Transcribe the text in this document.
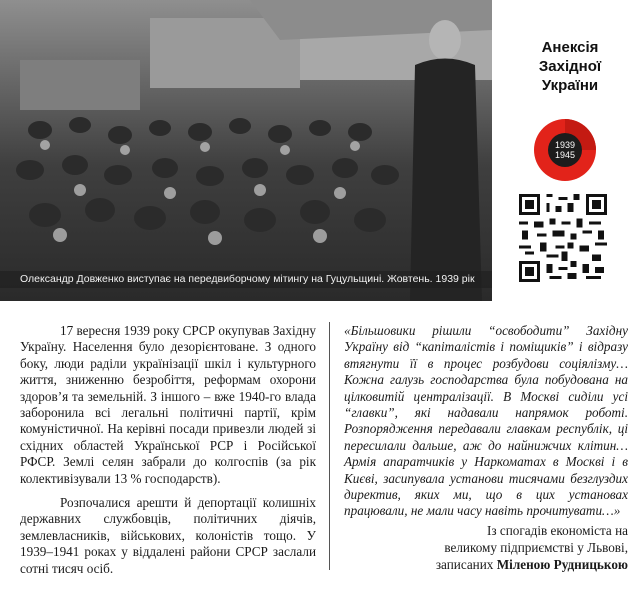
Олександр Довженко виступає на передвиборчому мітингу на Гуцульщині. Жовтень. 1939 рік
Анексія
Західної
України
1939
1945

17 вересня 1939 року СРСР окупував Західну Україну. Населення було дезорієнтоване. З одного боку, люди раділи українізації шкіл і культурного життя, зниженню безробіття, реформам охорони здоров’я та земельній. З іншого – вже 1940-го влада заборонила всі легальні політичні партії, крім комуністичної. На керівні посади привезли людей зі східних областей Української РСР і Російської РФСР. Землі селян забрали до колгоспів (за рік колективізували 13 % господарств).

Розпочалися арешти й депортації колишніх державних службовців, політичних діячів, землевласників, військових, колоністів тощо. У 1939–1941 роках у віддалені райони СРСР заслали сотні тисяч осіб.

«Більшовики рішили “освободити” Західну Україну від “капіталістів і поміщиків” і відразу втягнути її в процес розбудови соціялізму… Кожна галузь господарства була побудована на цілковитій централізації. В Москві сиділи усі “главки”, які надавали напрямок роботі. Розпорядження передавали главкам республік, ці пересилали дальше, аж до найнижчих клітин… Армія апаратчиків у Наркоматах в Москві і в Києві, засипувала установи тисячами безглуздих директив, яких ми, що в цих установах працювали, не мали часу навіть прочитувати…»
Із спогадів економіста на
великому підприємстві у Львові,
записаних Міленою Рудницькою
